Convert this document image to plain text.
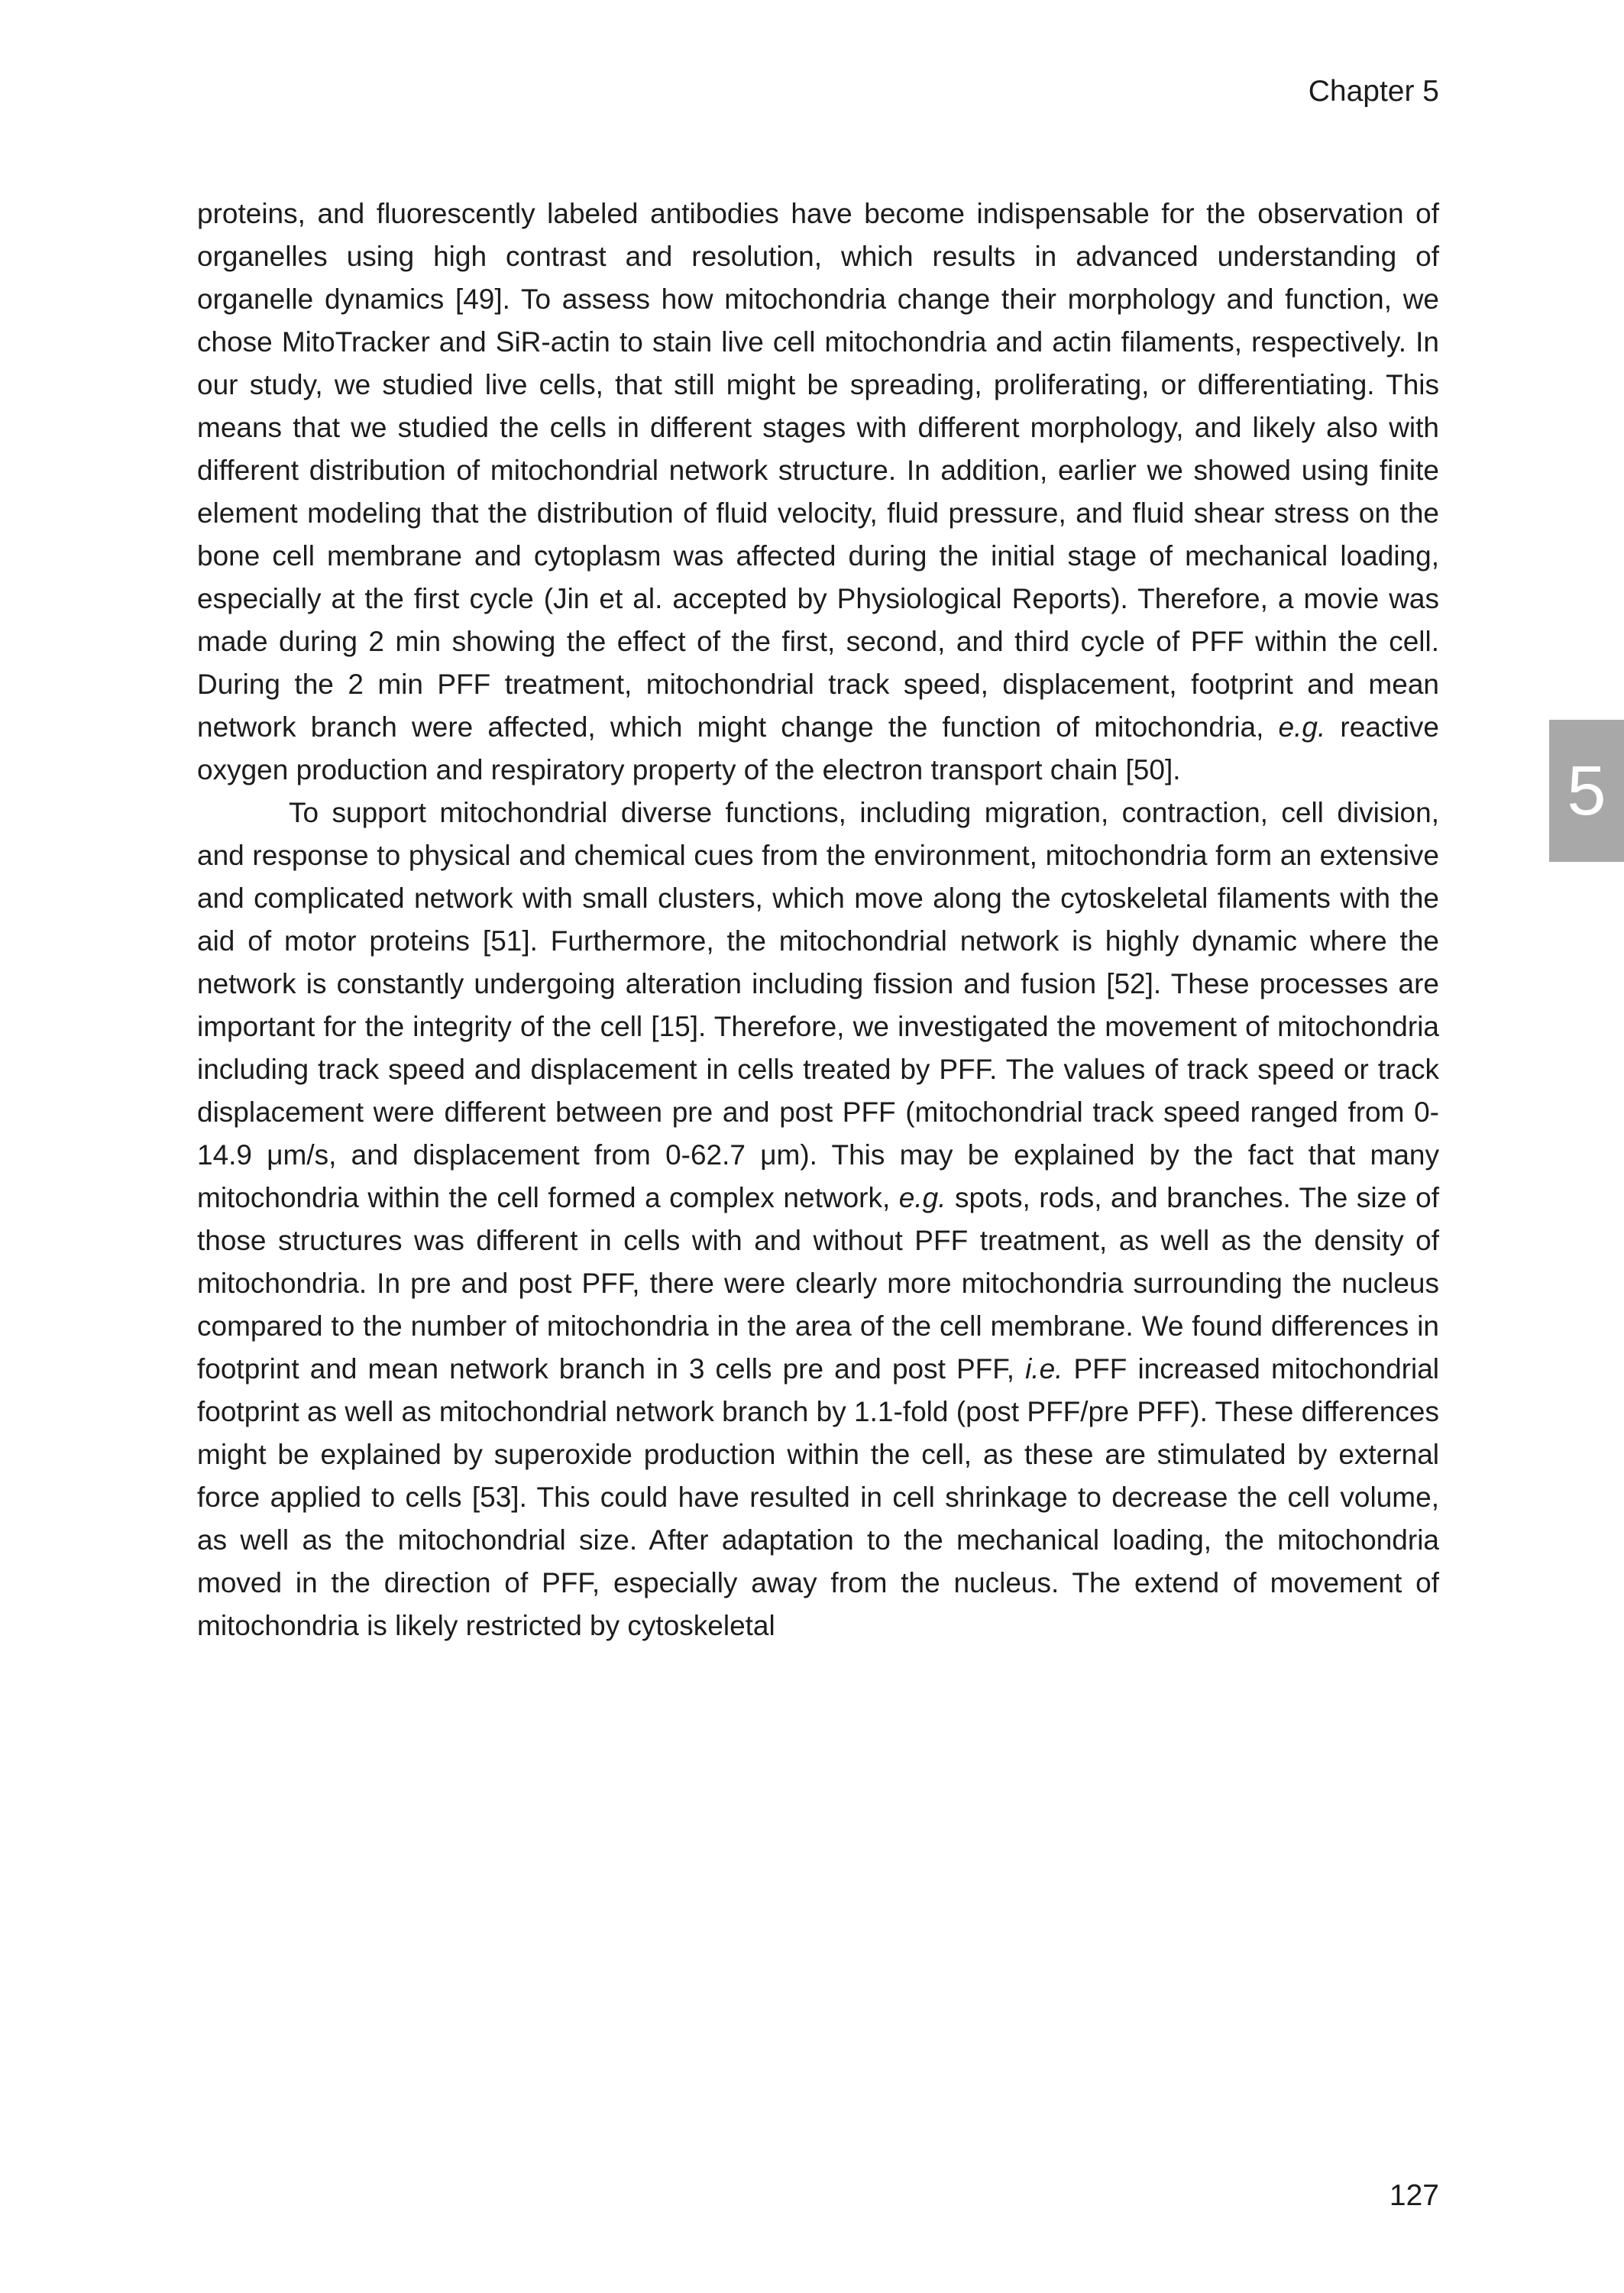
Chapter 5

proteins, and fluorescently labeled antibodies have become indispensable for the observation of organelles using high contrast and resolution, which results in advanced understanding of organelle dynamics [49]. To assess how mitochondria change their morphology and function, we chose MitoTracker and SiR-actin to stain live cell mitochondria and actin filaments, respectively. In our study, we studied live cells, that still might be spreading, proliferating, or differentiating. This means that we studied the cells in different stages with different morphology, and likely also with different distribution of mitochondrial network structure. In addition, earlier we showed using finite element modeling that the distribution of fluid velocity, fluid pressure, and fluid shear stress on the bone cell membrane and cytoplasm was affected during the initial stage of mechanical loading, especially at the first cycle (Jin et al. accepted by Physiological Reports). Therefore, a movie was made during 2 min showing the effect of the first, second, and third cycle of PFF within the cell. During the 2 min PFF treatment, mitochondrial track speed, displacement, footprint and mean network branch were affected, which might change the function of mitochondria, e.g. reactive oxygen production and respiratory property of the electron transport chain [50].

To support mitochondrial diverse functions, including migration, contraction, cell division, and response to physical and chemical cues from the environment, mitochondria form an extensive and complicated network with small clusters, which move along the cytoskeletal filaments with the aid of motor proteins [51]. Furthermore, the mitochondrial network is highly dynamic where the network is constantly undergoing alteration including fission and fusion [52]. These processes are important for the integrity of the cell [15]. Therefore, we investigated the movement of mitochondria including track speed and displacement in cells treated by PFF. The values of track speed or track displacement were different between pre and post PFF (mitochondrial track speed ranged from 0-14.9 μm/s, and displacement from 0-62.7 μm). This may be explained by the fact that many mitochondria within the cell formed a complex network, e.g. spots, rods, and branches. The size of those structures was different in cells with and without PFF treatment, as well as the density of mitochondria. In pre and post PFF, there were clearly more mitochondria surrounding the nucleus compared to the number of mitochondria in the area of the cell membrane. We found differences in footprint and mean network branch in 3 cells pre and post PFF, i.e. PFF increased mitochondrial footprint as well as mitochondrial network branch by 1.1-fold (post PFF/pre PFF). These differences might be explained by superoxide production within the cell, as these are stimulated by external force applied to cells [53]. This could have resulted in cell shrinkage to decrease the cell volume, as well as the mitochondrial size. After adaptation to the mechanical loading, the mitochondria moved in the direction of PFF, especially away from the nucleus. The extend of movement of mitochondria is likely restricted by cytoskeletal

5
127
